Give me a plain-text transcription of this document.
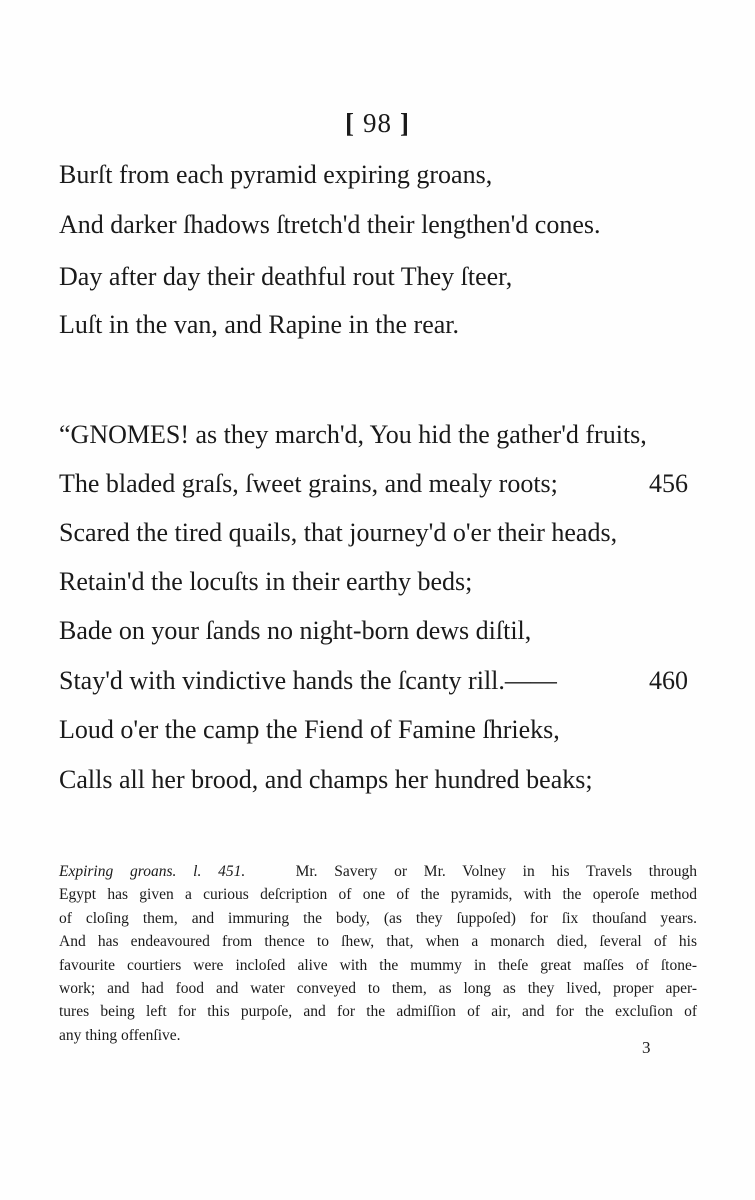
[ 98 ]
Burſt from each pyramid expiring groans,
And darker ſhadows ſtretch'd their lengthen'd cones.
Day after day their deathful rout They ſteer,
Luſt in the van, and Rapine in the rear.
“GNOMES! as they march'd, You hid the gather'd fruits,
The bladed graſs, ſweet grains, and mealy roots;
Scared the tired quails, that journey'd o'er their heads,
Retain'd the locuſts in their earthy beds;
Bade on your ſands no night-born dews diſtil,
Stay'd with vindictive hands the ſcanty rill.——
Loud o'er the camp the Fiend of Famine ſhrieks,
Calls all her brood, and champs her hundred beaks;
456
460
Expiring groans. l. 451.	Mr. Savery or Mr. Volney in his Travels through
Egypt has given a curious deſcription of one of the pyramids, with the operoſe method
of cloſing them, and immuring the body, (as they ſuppoſed) for ſix thouſand years.
And has endeavoured from thence to ſhew, that, when a monarch died, ſeveral of his
favourite courtiers were incloſed alive with the mummy in theſe great maſſes of ſtone-
work; and had food and water conveyed to them, as long as they lived, proper aper-
tures being left for this purpoſe, and for the admiſſion of air, and for the excluſion of
any thing offenſive.
3
